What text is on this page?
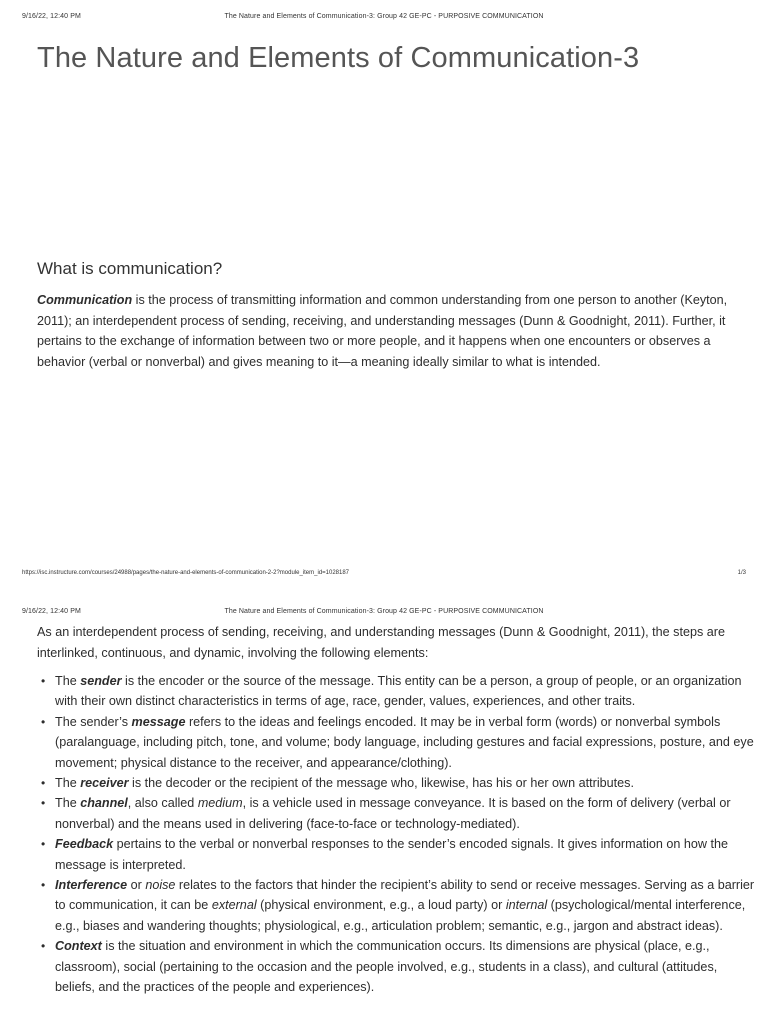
9/16/22, 12:40 PM	The Nature and Elements of Communication-3: Group 42 GE-PC - PURPOSIVE COMMUNICATION
The Nature and Elements of Communication-3
What is communication?

Communication is the process of transmitting information and common understanding from one person to another (Keyton, 2011); an interdependent process of sending, receiving, and understanding messages (Dunn & Goodnight, 2011). Further, it pertains to the exchange of information between two or more people, and it happens when one encounters or observes a behavior (verbal or nonverbal) and gives meaning to it—a meaning ideally similar to what is intended.

https://isc.instructure.com/courses/24988/pages/the-nature-and-elements-of-communication-2-2?module_item_id=1028187	1/3
9/16/22, 12:40 PM	The Nature and Elements of Communication-3: Group 42 GE-PC - PURPOSIVE COMMUNICATION

As an interdependent process of sending, receiving, and understanding messages (Dunn & Goodnight, 2011), the steps are interlinked, continuous, and dynamic, involving the following elements:

• The sender is the encoder or the source of the message. This entity can be a person, a group of people, or an organization with their own distinct characteristics in terms of age, race, gender, values, experiences, and other traits.
• The sender’s message refers to the ideas and feelings encoded. It may be in verbal form (words) or nonverbal symbols (paralanguage, including pitch, tone, and volume; body language, including gestures and facial expressions, posture, and eye movement; physical distance to the receiver, and appearance/clothing).
• The receiver is the decoder or the recipient of the message who, likewise, has his or her own attributes.
• The channel, also called medium, is a vehicle used in message conveyance. It is based on the form of delivery (verbal or nonverbal) and the means used in delivering (face-to-face or technology-mediated).
• Feedback pertains to the verbal or nonverbal responses to the sender’s encoded signals. It gives information on how the message is interpreted.
• Interference or noise relates to the factors that hinder the recipient’s ability to send or receive messages. Serving as a barrier to communication, it can be external (physical environment, e.g., a loud party) or internal (psychological/mental interference, e.g., biases and wandering thoughts; physiological, e.g., articulation problem; semantic, e.g., jargon and abstract ideas).
• Context is the situation and environment in which the communication occurs. Its dimensions are physical (place, e.g., classroom), social (pertaining to the occasion and the people involved, e.g., students in a class), and cultural (attitudes, beliefs, and the practices of the people and experiences).
